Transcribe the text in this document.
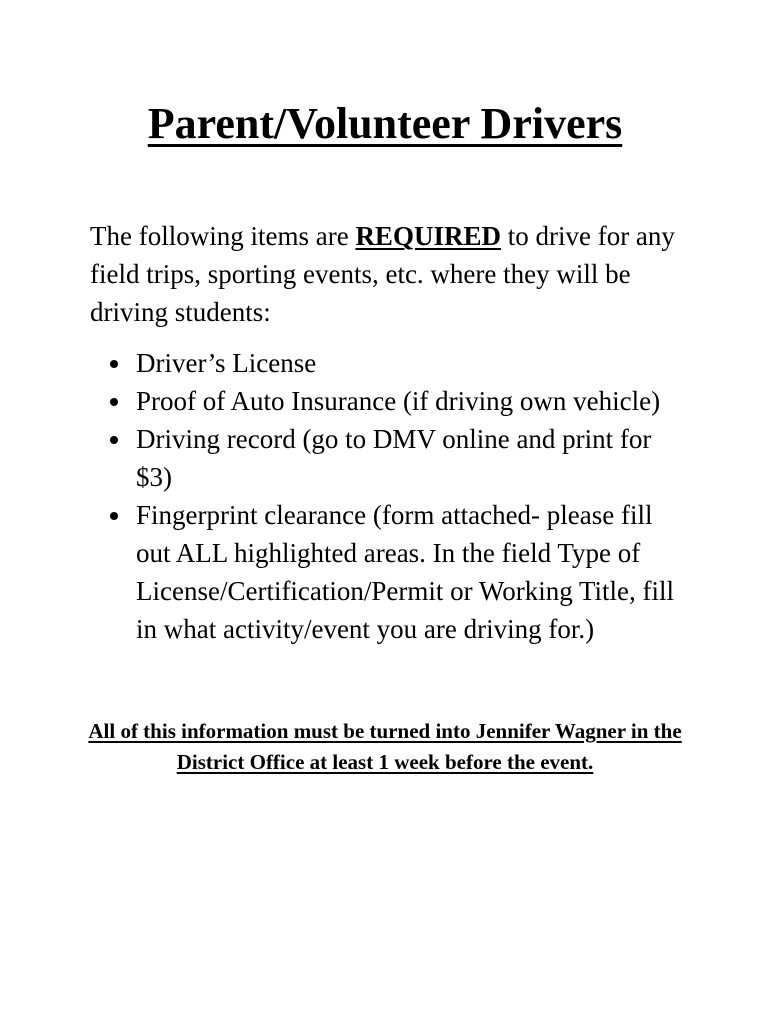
Parent/Volunteer Drivers

The following items are REQUIRED to drive for any field trips, sporting events, etc. where they will be driving students:

Driver’s License
Proof of Auto Insurance (if driving own vehicle)
Driving record (go to DMV online and print for $3)
Fingerprint clearance (form attached- please fill out ALL highlighted areas. In the field Type of License/Certification/Permit or Working Title, fill in what activity/event you are driving for.)

All of this information must be turned into Jennifer Wagner in the District Office at least 1 week before the event.
